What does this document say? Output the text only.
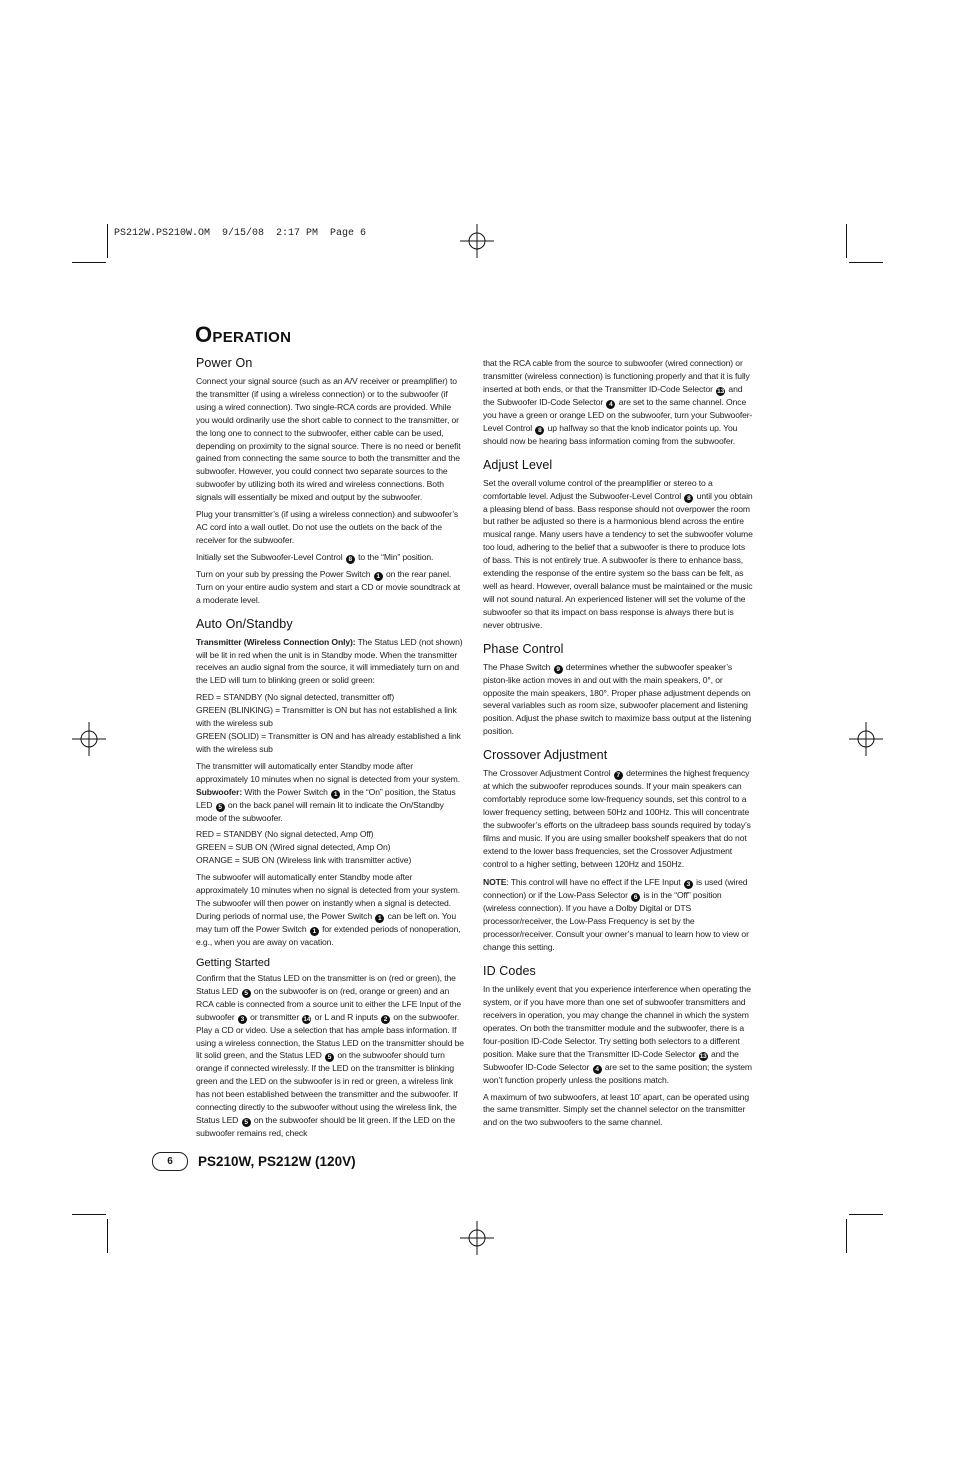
PS212W.PS210W.OM  9/15/08  2:17 PM  Page 6
OPERATION
Power On

Connect your signal source (such as an A/V receiver or preamplifier) to the transmitter (if using a wireless connection) or to the subwoofer (if using a wired connection). Two single-RCA cords are provided. While you would ordinarily use the short cable to connect to the transmitter, or the long one to connect to the subwoofer, either cable can be used, depending on proximity to the signal source. There is no need or benefit gained from connecting the same source to both the transmitter and the subwoofer. However, you could connect two separate sources to the subwoofer by utilizing both its wired and wireless connections. Both signals will essentially be mixed and output by the subwoofer.

Plug your transmitter’s (if using a wireless connection) and subwoofer’s AC cord into a wall outlet. Do not use the outlets on the back of the receiver for the subwoofer.

Initially set the Subwoofer-Level Control 8 to the “Min” position.

Turn on your sub by pressing the Power Switch 1 on the rear panel.

Turn on your entire audio system and start a CD or movie soundtrack at a moderate level.

Auto On/Standby

Transmitter (Wireless Connection Only): The Status LED (not shown) will be lit in red when the unit is in Standby mode. When the transmitter receives an audio signal from the source, it will immediately turn on and the LED will turn to blinking green or solid green:

RED = STANDBY (No signal detected, transmitter off)

GREEN (BLINKING) = Transmitter is ON but has not established a link with the wireless sub

GREEN (SOLID) = Transmitter is ON and has already established a link with the wireless sub

The transmitter will automatically enter Standby mode after approximately 10 minutes when no signal is detected from your system.

Subwoofer: With the Power Switch 1 in the “On” position, the Status LED 5 on the back panel will remain lit to indicate the On/Standby mode of the subwoofer.

RED = STANDBY (No signal detected, Amp Off)

GREEN = SUB ON (Wired signal detected, Amp On)

ORANGE = SUB ON (Wireless link with transmitter active)

The subwoofer will automatically enter Standby mode after approximately 10 minutes when no signal is detected from your system. The subwoofer will then power on instantly when a signal is detected. During periods of normal use, the Power Switch 1 can be left on. You may turn off the Power Switch 1 for extended periods of nonoperation, e.g., when you are away on vacation.

Getting Started

Confirm that the Status LED on the transmitter is on (red or green), the Status LED 5 on the subwoofer is on (red, orange or green) and an RCA cable is connected from a source unit to either the LFE Input of the subwoofer 3 or transmitter 14 or L and R inputs 2 on the subwoofer. Play a CD or video. Use a selection that has ample bass information. If using a wireless connection, the Status LED on the transmitter should be lit solid green, and the Status LED 5 on the subwoofer should turn orange if connected wirelessly. If the LED on the transmitter is blinking green and the LED on the subwoofer is in red or green, a wireless link has not been established between the transmitter and the subwoofer. If connecting directly to the subwoofer without using the wireless link, the Status LED 5 on the subwoofer should be lit green. If the LED on the subwoofer remains red, check

that the RCA cable from the source to subwoofer (wired connection) or transmitter (wireless connection) is functioning properly and that it is fully inserted at both ends, or that the Transmitter ID-Code Selector 13 and the Subwoofer ID-Code Selector 4 are set to the same channel. Once you have a green or orange LED on the subwoofer, turn your Subwoofer-Level Control 8 up halfway so that the knob indicator points up. You should now be hearing bass information coming from the subwoofer.

Adjust Level

Set the overall volume control of the preamplifier or stereo to a comfortable level. Adjust the Subwoofer-Level Control 8 until you obtain a pleasing blend of bass. Bass response should not overpower the room but rather be adjusted so there is a harmonious blend across the entire musical range. Many users have a tendency to set the subwoofer volume too loud, adhering to the belief that a subwoofer is there to produce lots of bass. This is not entirely true. A subwoofer is there to enhance bass, extending the response of the entire system so the bass can be felt, as well as heard. However, overall balance must be maintained or the music will not sound natural. An experienced listener will set the volume of the subwoofer so that its impact on bass response is always there but is never obtrusive.

Phase Control

The Phase Switch 9 determines whether the subwoofer speaker’s piston-like action moves in and out with the main speakers, 0°, or opposite the main speakers, 180°. Proper phase adjustment depends on several variables such as room size, subwoofer placement and listening position. Adjust the phase switch to maximize bass output at the listening position.

Crossover Adjustment

The Crossover Adjustment Control 7 determines the highest frequency at which the subwoofer reproduces sounds. If your main speakers can comfortably reproduce some low-frequency sounds, set this control to a lower frequency setting, between 50Hz and 100Hz. This will concentrate the subwoofer’s efforts on the ultradeep bass sounds required by today’s films and music. If you are using smaller bookshelf speakers that do not extend to the lower bass frequencies, set the Crossover Adjustment control to a higher setting, between 120Hz and 150Hz.

NOTE: This control will have no effect if the LFE Input 3 is used (wired connection) or if the Low-Pass Selector 6 is in the “Off” position (wireless connection). If you have a Dolby Digital or DTS processor/receiver, the Low-Pass Frequency is set by the processor/receiver. Consult your owner’s manual to learn how to view or change this setting.

ID Codes

In the unlikely event that you experience interference when operating the system, or if you have more than one set of subwoofer transmitters and receivers in operation, you may change the channel in which the system operates. On both the transmitter module and the subwoofer, there is a four-position ID-Code Selector. Try setting both selectors to a different position. Make sure that the Transmitter ID-Code Selector 13 and the Subwoofer ID-Code Selector 4 are set to the same position; the system won’t function properly unless the positions match.

A maximum of two subwoofers, at least 10' apart, can be operated using the same transmitter. Simply set the channel selector on the transmitter and on the two subwoofers to the same channel.

6	PS210W, PS212W (120V)
